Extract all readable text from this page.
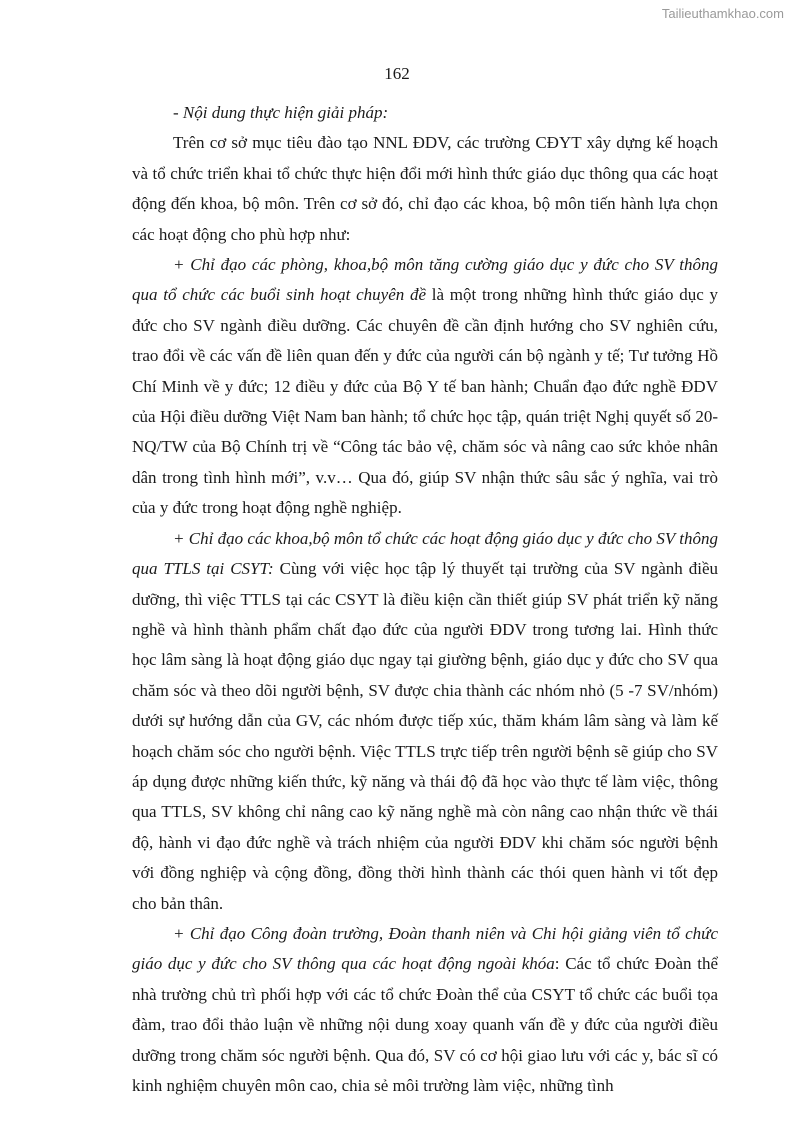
Tailieuthamkhao.com
162

- Nội dung thực hiện giải pháp:

Trên cơ sở mục tiêu đào tạo NNL ĐDV, các trường CĐYT xây dựng kế hoạch và tổ chức triển khai tổ chức thực hiện đổi mới hình thức giáo dục thông qua các hoạt động đến khoa, bộ môn. Trên cơ sở đó, chỉ đạo các khoa, bộ môn tiến hành lựa chọn các hoạt động cho phù hợp như:

+ Chỉ đạo các phòng, khoa,bộ môn tăng cường giáo dục y đức cho SV thông qua tổ chức các buổi sinh hoạt chuyên đề là một trong những hình thức giáo dục y đức cho SV ngành điều dưỡng. Các chuyên đề cần định hướng cho SV nghiên cứu, trao đổi về các vấn đề liên quan đến y đức của người cán bộ ngành y tế; Tư tưởng Hồ Chí Minh về y đức; 12 điều y đức của Bộ Y tế ban hành; Chuẩn đạo đức nghề ĐDV của Hội điều dưỡng Việt Nam ban hành; tổ chức học tập, quán triệt Nghị quyết số 20-NQ/TW của Bộ Chính trị về “Công tác bảo vệ, chăm sóc và nâng cao sức khỏe nhân dân trong tình hình mới”, v.v… Qua đó, giúp SV nhận thức sâu sắc ý nghĩa, vai trò của y đức trong hoạt động nghề nghiệp.

+ Chỉ đạo các khoa,bộ môn tổ chức các hoạt động giáo dục y đức cho SV thông qua TTLS tại CSYT: Cùng với việc học tập lý thuyết tại trường của SV ngành điều dưỡng, thì việc TTLS tại các CSYT là điều kiện cần thiết giúp SV phát triển kỹ năng nghề và hình thành phẩm chất đạo đức của người ĐDV trong tương lai. Hình thức học lâm sàng là hoạt động giáo dục ngay tại giường bệnh, giáo dục y đức cho SV qua chăm sóc và theo dõi người bệnh, SV được chia thành các nhóm nhỏ (5 -7 SV/nhóm) dưới sự hướng dẫn của GV, các nhóm được tiếp xúc, thăm khám lâm sàng và làm kế hoạch chăm sóc cho người bệnh. Việc TTLS trực tiếp trên người bệnh sẽ giúp cho SV áp dụng được những kiến thức, kỹ năng và thái độ đã học vào thực tế làm việc, thông qua TTLS, SV không chỉ nâng cao kỹ năng nghề mà còn nâng cao nhận thức về thái độ, hành vi đạo đức nghề và trách nhiệm của người ĐDV khi chăm sóc người bệnh với đồng nghiệp và cộng đồng, đồng thời hình thành các thói quen hành vi tốt đẹp cho bản thân.

+ Chỉ đạo Công đoàn trường, Đoàn thanh niên và Chi hội giảng viên tổ chức giáo dục y đức cho SV thông qua các hoạt động ngoài khóa: Các tổ chức Đoàn thể nhà trường chủ trì phối hợp với các tổ chức Đoàn thể của CSYT tổ chức các buổi tọa đàm, trao đổi thảo luận về những nội dung xoay quanh vấn đề y đức của người điều dưỡng trong chăm sóc người bệnh. Qua đó, SV có cơ hội giao lưu với các y, bác sĩ có kinh nghiệm chuyên môn cao, chia sẻ môi trường làm việc, những tình
